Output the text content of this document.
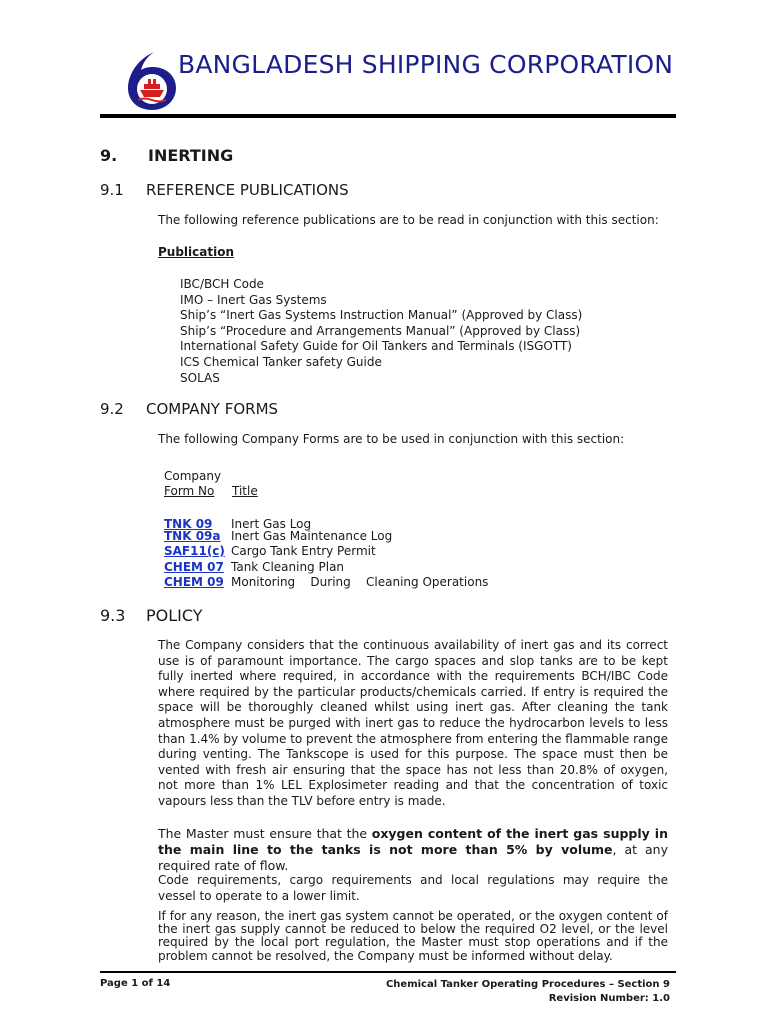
BANGLADESH SHIPPING CORPORATION
9. INERTING
9.1 REFERENCE PUBLICATIONS
The following reference publications are to be read in conjunction with this section:
Publication
IBC/BCH Code
IMO – Inert Gas Systems
Ship’s “Inert Gas Systems Instruction Manual” (Approved by Class)
Ship’s “Procedure and Arrangements Manual” (Approved by Class)
International Safety Guide for Oil Tankers and Terminals (ISGOTT)
ICS Chemical Tanker safety Guide
SOLAS
9.2 COMPANY FORMS
The following Company Forms are to be used in conjunction with this section:
Company
Form No	Title
TNK 09 Inert Gas Log
TNK 09a Inert Gas Maintenance Log
SAF11(c) Cargo Tank Entry Permit
CHEM 07 Tank Cleaning Plan
CHEM 09 Monitoring    During    Cleaning Operations
9.3 POLICY
The Company considers that the continuous availability of inert gas and its correct use is of paramount importance. The cargo spaces and slop tanks are to be kept fully inerted where required, in accordance with the requirements BCH/IBC Code where required by the particular products/chemicals carried. If entry is required the space will be thoroughly cleaned whilst using inert gas. After cleaning the tank atmosphere must be purged with inert gas to reduce the hydrocarbon levels to less than 1.4% by volume to prevent the atmosphere from entering the flammable range during venting. The Tankscope is used for this purpose. The space must then be vented with fresh air ensuring that the space has not less than 20.8% of oxygen, not more than 1% LEL Explosimeter reading and that the concentration of toxic vapours less than the TLV before entry is made.
The Master must ensure that the oxygen content of the inert gas supply in the main line to the tanks is not more than 5% by volume, at any required rate of flow.
Code requirements, cargo requirements and local regulations may require the vessel to operate to a lower limit.
If for any reason, the inert gas system cannot be operated, or the oxygen content of the inert gas supply cannot be reduced to below the required O2 level, or the level required by the local port regulation, the Master must stop operations and if the problem cannot be resolved, the Company must be informed without delay.
Page 1 of 14	Chemical Tanker Operating Procedures – Section 9
Revision Number: 1.0
